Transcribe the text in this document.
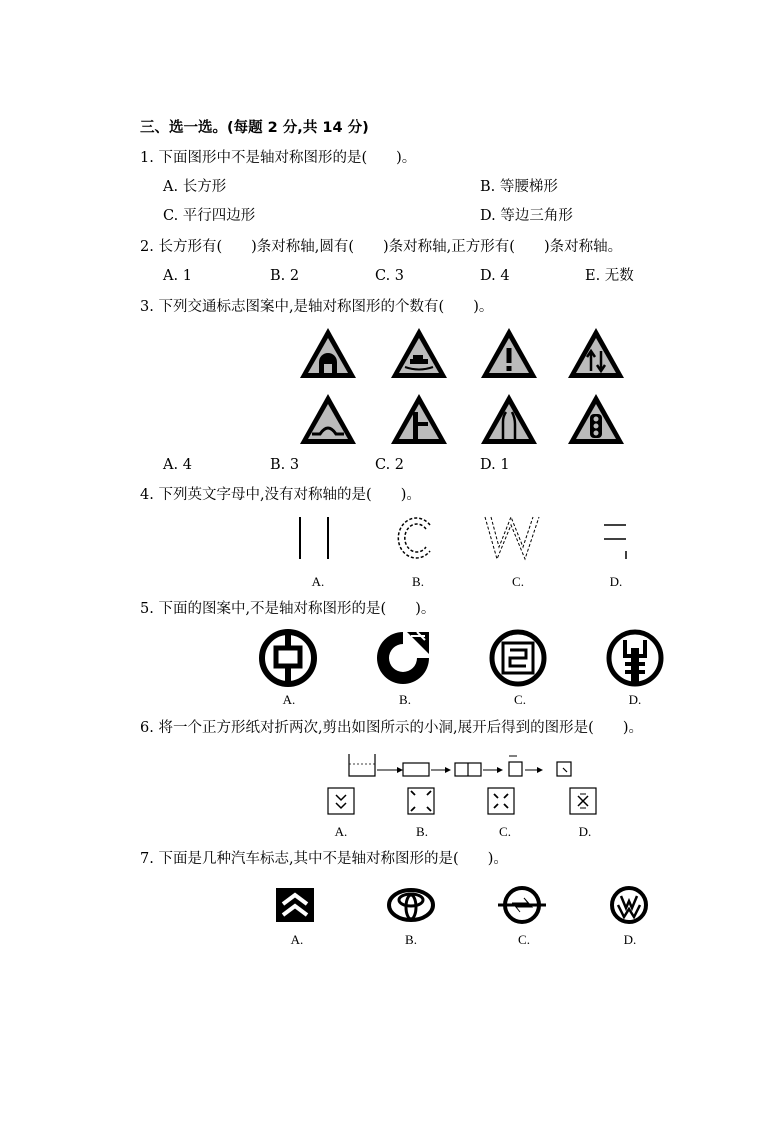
三、选一选。(每题 2 分,共 14 分)
1. 下面图形中不是轴对称图形的是(　　)。
A. 长方形	B. 等腰梯形
C. 平行四边形	D. 等边三角形
2. 长方形有(　　)条对称轴,圆有(　　)条对称轴,正方形有(　　)条对称轴。
A. 1	B. 2	C. 3	D. 4	E. 无数
3. 下列交通标志图案中,是轴对称图形的个数有(　　)。
A. 4	B. 3	C. 2	D. 1
4. 下列英文字母中,没有对称轴的是(　　)。
A.	B.	C.	D.
5. 下面的图案中,不是轴对称图形的是(　　)。
A.	B.	C.	D.
6. 将一个正方形纸对折两次,剪出如图所示的小洞,展开后得到的图形是(　　)。
A.	B.	C.	D.
7. 下面是几种汽车标志,其中不是轴对称图形的是(　　)。
A.	B.	C.	D.
